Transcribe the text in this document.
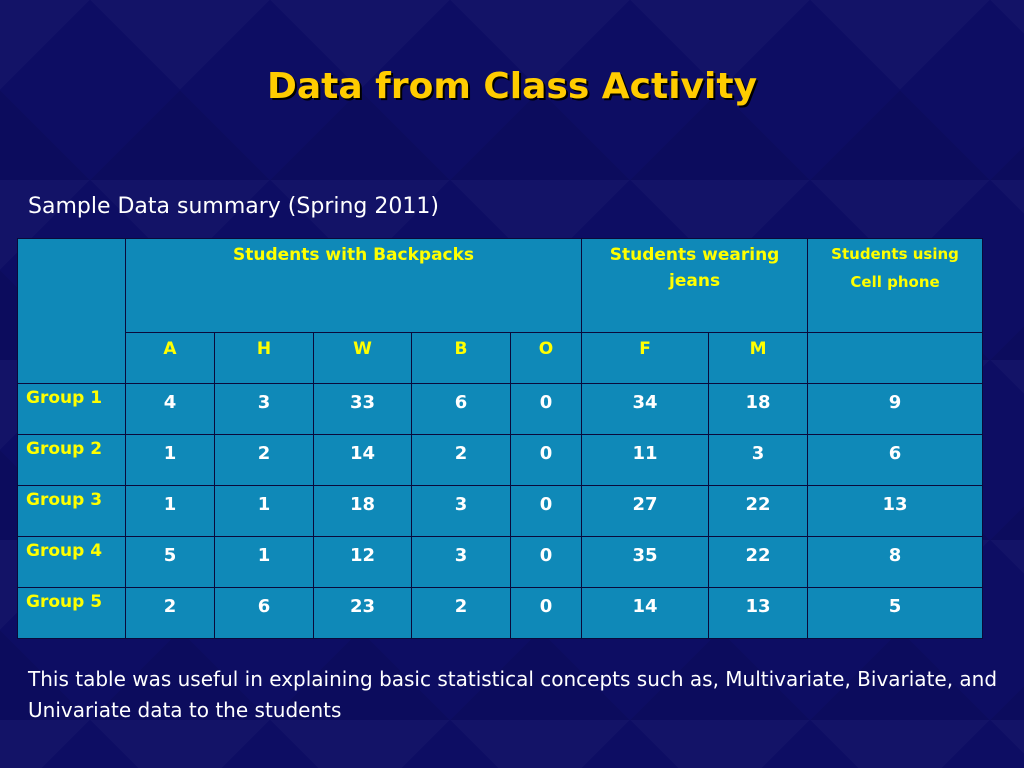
Data from Class Activity
Sample Data summary (Spring 2011)
	Students with Backpacks					Students wearing jeans		Students using Cell phone
	A	H	W	B	O	F	M	
Group 1	4	3	33	6	0	34	18	9
Group 2	1	2	14	2	0	11	3	6
Group 3	1	1	18	3	0	27	22	13
Group 4	5	1	12	3	0	35	22	8
Group 5	2	6	23	2	0	14	13	5
This table was useful in explaining basic statistical concepts such as, Multivariate, Bivariate, and Univariate data to the students
